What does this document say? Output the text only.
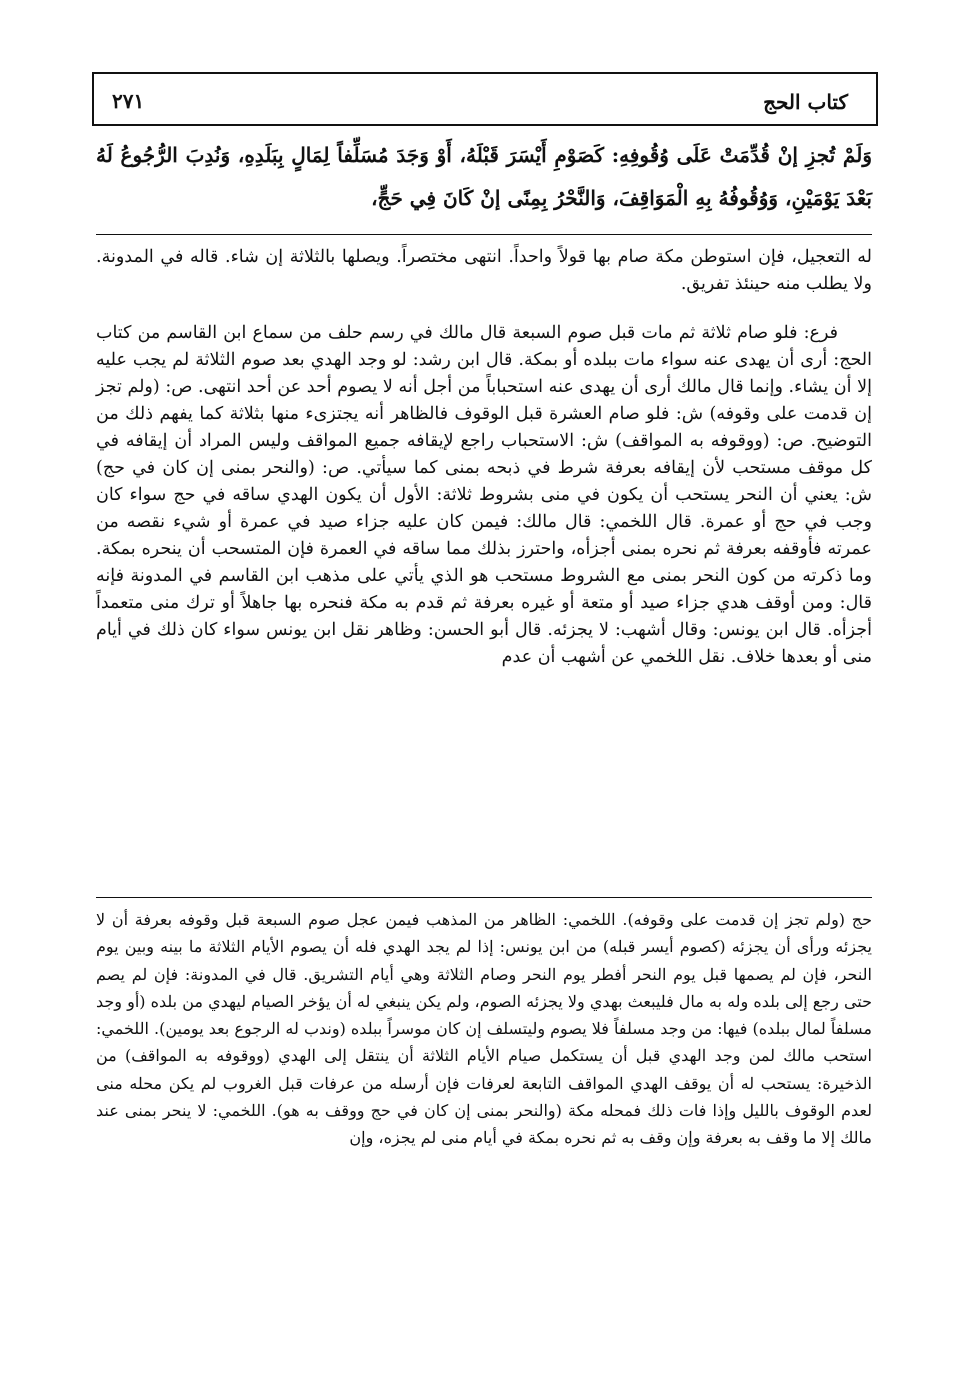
كتاب الحج
٢٧١
وَلَمْ تُجزِ إنْ قُدِّمَتْ عَلَى وُقُوفِهِ: كَصَوْمِ أَيْسَرَ قَبْلَهُ، أَوْ وَجَدَ مُسَلِّفاً لِمَالٍ بِبَلَدِهِ، وَنُدِبَ الرُّجُوعُ لَهُ بَعْدَ يَوْمَيْنِ، وَوُقُوفُهُ بِهِ الْمَوَاقِفَ، وَالنَّحْرُ بِمِنًى إنْ كَانَ فِي حَجٍّ،

له التعجيل، فإن استوطن مكة صام بها قولاً واحداً. انتهى مختصراً. ويصلها بالثلاثة إن شاء. قاله في المدونة. ولا يطلب منه حينئذ تفريق.

فرع: فلو صام ثلاثة ثم مات قبل صوم السبعة قال مالك في رسم حلف من سماع ابن القاسم من كتاب الحج: أرى أن يهدى عنه سواء مات ببلده أو بمكة. قال ابن رشد: لو وجد الهدي بعد صوم الثلاثة لم يجب عليه إلا أن يشاء. وإنما قال مالك أرى أن يهدى عنه استحباباً من أجل أنه لا يصوم أحد عن أحد انتهى. ص: (ولم تجز إن قدمت على وقوفه) ش: فلو صام العشرة قبل الوقوف فالظاهر أنه يجتزىء منها بثلاثة كما يفهم ذلك من التوضيح. ص: (ووقوفه به المواقف) ش: الاستحباب راجع لإيقافه جميع المواقف وليس المراد أن إيقافه في كل موقف مستحب لأن إيقافه بعرفة شرط في ذبحه بمنى كما سيأتي. ص: (والنحر بمنى إن كان في حج) ش: يعني أن النحر يستحب أن يكون في منى بشروط ثلاثة: الأول أن يكون الهدي ساقه في حج سواء كان وجب في حج أو عمرة. قال اللخمي: قال مالك: فيمن كان عليه جزاء صيد في عمرة أو شيء نقصه من عمرته فأوقفه بعرفة ثم نحره بمنى أجزأه، واحترز بذلك مما ساقه في العمرة فإن المتسحب أن ينحره بمكة. وما ذكرته من كون النحر بمنى مع الشروط مستحب هو الذي يأتي على مذهب ابن القاسم في المدونة فإنه قال: ومن أوقف هدي جزاء صيد أو متعة أو غيره بعرفة ثم قدم به مكة فنحره بها جاهلاً أو ترك منى متعمداً أجزأه. قال ابن يونس: وقال أشهب: لا يجزئه. قال أبو الحسن: وظاهر نقل ابن يونس سواء كان ذلك في أيام منى أو بعدها خلاف. نقل اللخمي عن أشهب أن عدم

حج (ولم تجز إن قدمت على وقوفه). اللخمي: الظاهر من المذهب فيمن عجل صوم السبعة قبل وقوفه بعرفة أن لا يجزئه ورأى أن يجزئه (كصوم أيسر قبله) من ابن يونس: إذا لم يجد الهدي فله أن يصوم الأيام الثلاثة ما بينه وبين يوم النحر، فإن لم يصمها قبل يوم النحر أفطر يوم النحر وصام الثلاثة وهي أيام التشريق. قال في المدونة: فإن لم يصم حتى رجع إلى بلده وله به مال فليبعث بهدي ولا يجزئه الصوم، ولم يكن ينبغي له أن يؤخر الصيام ليهدي من بلده (أو وجد مسلفاً لمال ببلده) فيها: من وجد مسلفاً فلا يصوم وليتسلف إن كان موسراً ببلده (وندب له الرجوع بعد يومين). اللخمي: استحب مالك لمن وجد الهدي قبل أن يستكمل صيام الأيام الثلاثة أن ينتقل إلى الهدي (ووقوفه به المواقف) من الذخيرة: يستحب له أن يوقف الهدي المواقف التابعة لعرفات فإن أرسله من عرفات قبل الغروب لم يكن محله منى لعدم الوقوف بالليل وإذا فات ذلك فمحله مكة (والنحر بمنى إن كان في حج ووقف به هو). اللخمي: لا ينحر بمنى عند مالك إلا ما وقف به بعرفة وإن وقف به ثم نحره بمكة في أيام منى لم يجزه، وإن
